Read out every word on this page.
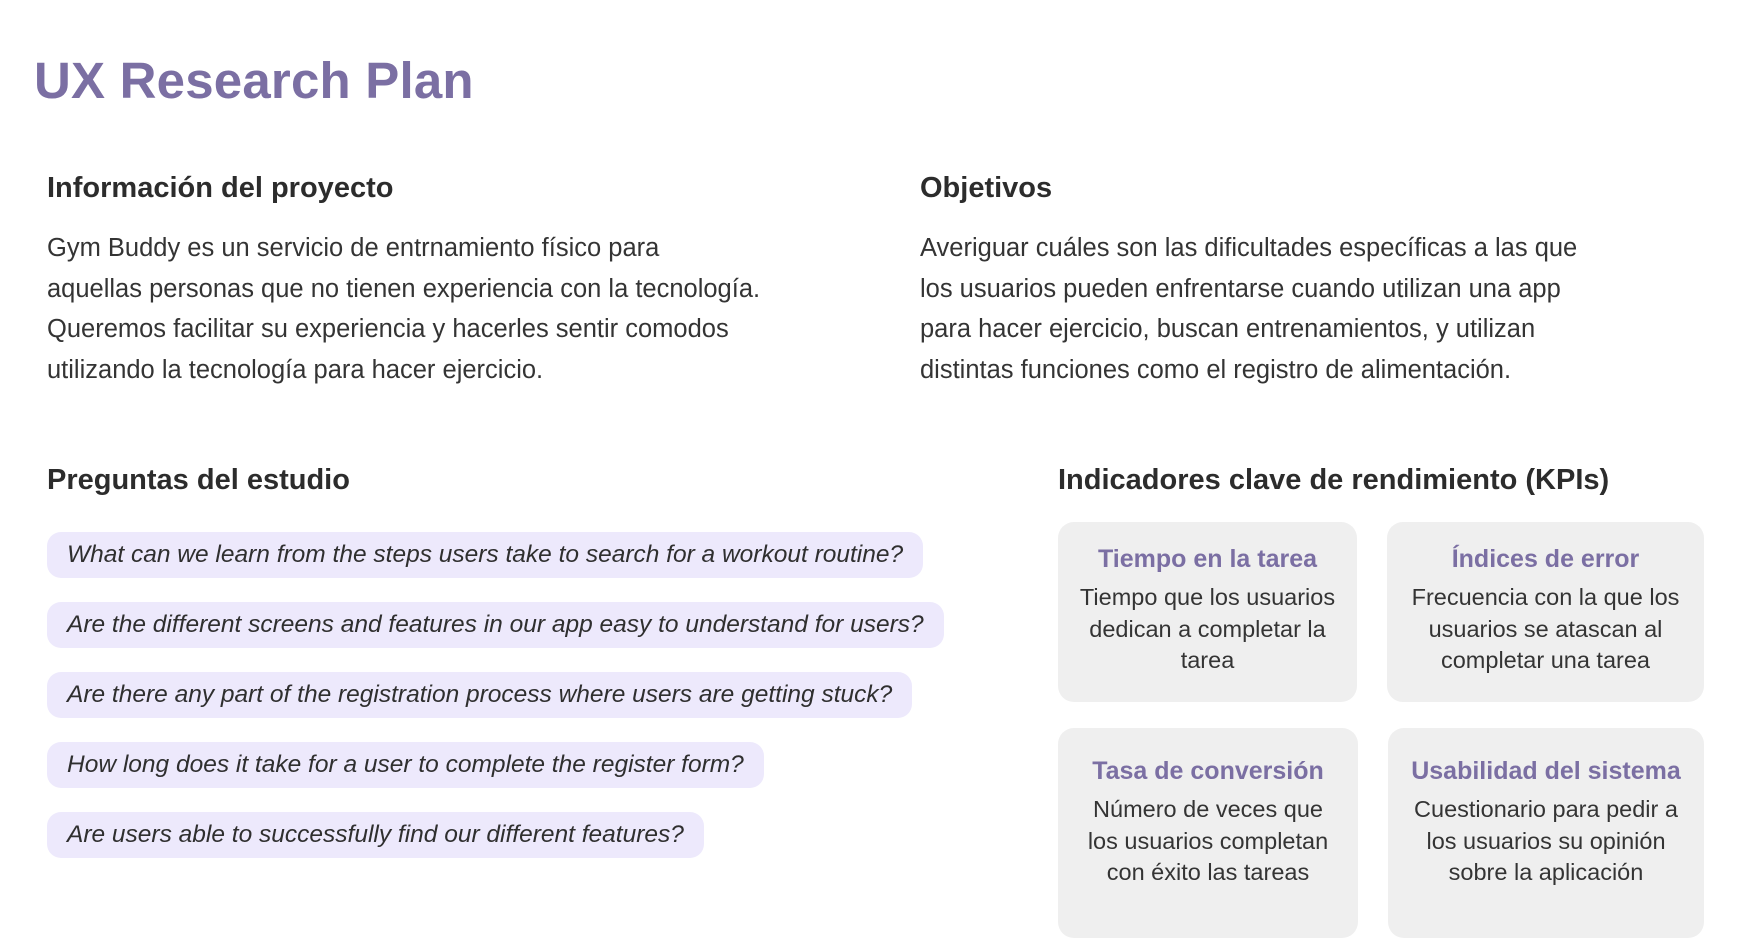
UX Research Plan
Información del proyecto
Gym Buddy es un servicio de entrnamiento físico para
aquellas personas que no tienen experiencia con la tecnología.
Queremos facilitar su experiencia y hacerles sentir comodos
utilizando la tecnología para hacer ejercicio.
Objetivos
Averiguar cuáles son las dificultades específicas a las que
los usuarios pueden enfrentarse cuando utilizan una app
para hacer ejercicio, buscan entrenamientos, y utilizan
distintas funciones como el registro de alimentación.
Preguntas del estudio
What can we learn from the steps users take to search for a workout routine?
Are the different screens and features in our app easy to understand for users?
Are there any part of the registration process where users are getting stuck?
How long does it take for a user to complete the register form?
Are users able to successfully find our different features?
Indicadores clave de rendimiento (KPIs)
Tiempo en la tarea
Tiempo que los usuarios
dedican a completar la
tarea
Índices de error
Frecuencia con la que los
usuarios se atascan al
completar una tarea
Tasa de conversión
Número de veces que
los usuarios completan
con éxito las tareas
Usabilidad del sistema
Cuestionario para pedir a
los usuarios su opinión
sobre la aplicación
